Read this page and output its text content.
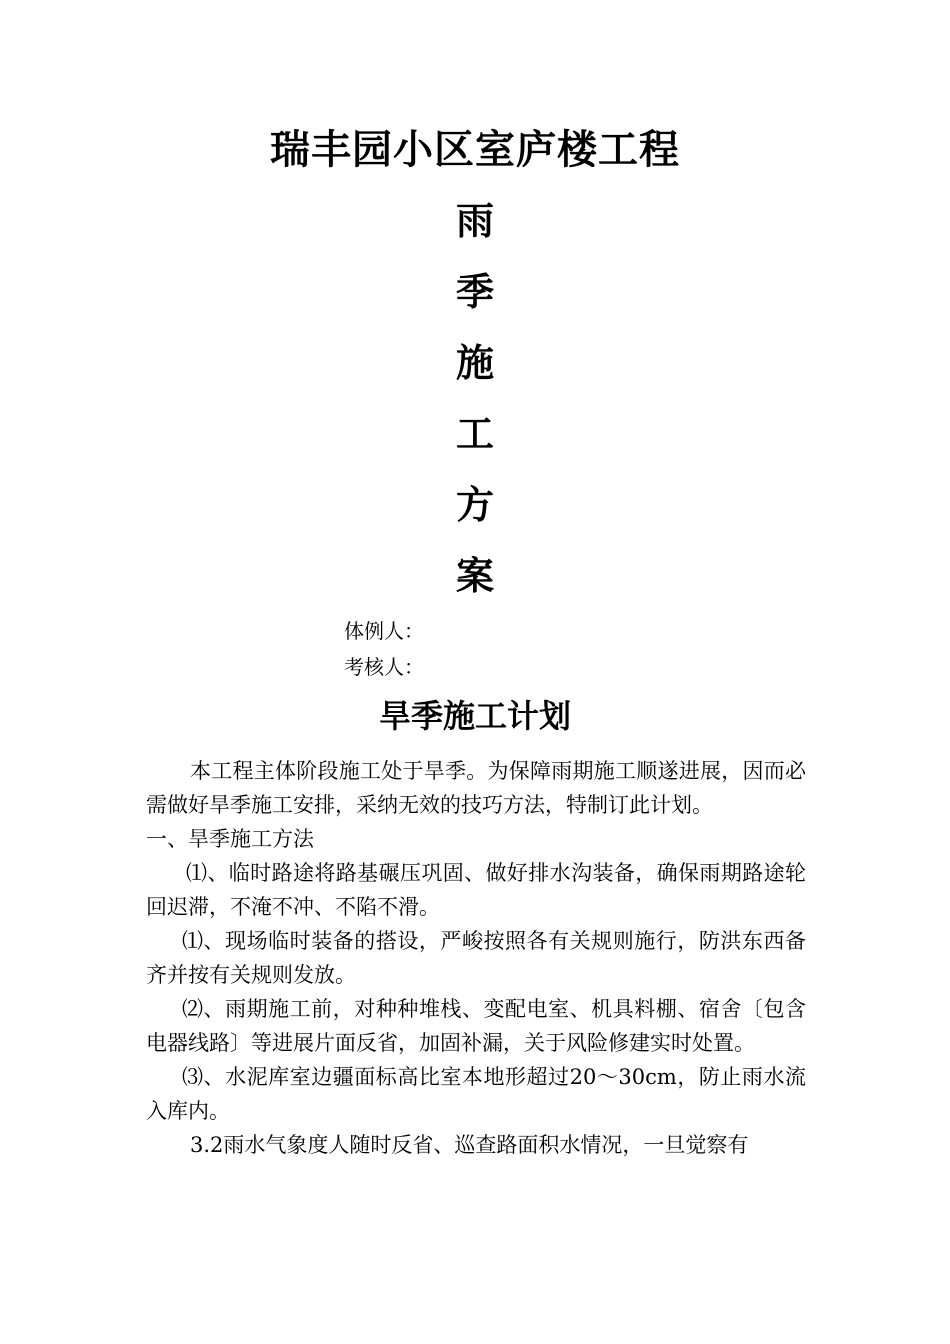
瑞丰园小区室庐楼工程
雨
季
施
工
方
案
体例人：
考核人：
旱季施工计划

本工程主体阶段施工处于旱季。为保障雨期施工顺遂进展，因而必需做好旱季施工安排，采纳无效的技巧方法，特制订此计划。

一、旱季施工方法

⑴、临时路途将路基碾压巩固、做好排水沟装备，确保雨期路途轮回迟滞，不淹不冲、不陷不滑。

⑴、现场临时装备的搭设，严峻按照各有关规则施行，防洪东西备齐并按有关规则发放。

⑵、雨期施工前，对种种堆栈、变配电室、机具料棚、宿舍〔包含电器线路〕等进展片面反省，加固补漏，关于风险修建实时处置。

⑶、水泥库室边疆面标高比室本地形超过20～30cm，防止雨水流入库内。

3.2雨水气象度人随时反省、巡查路面积水情况，一旦觉察有
